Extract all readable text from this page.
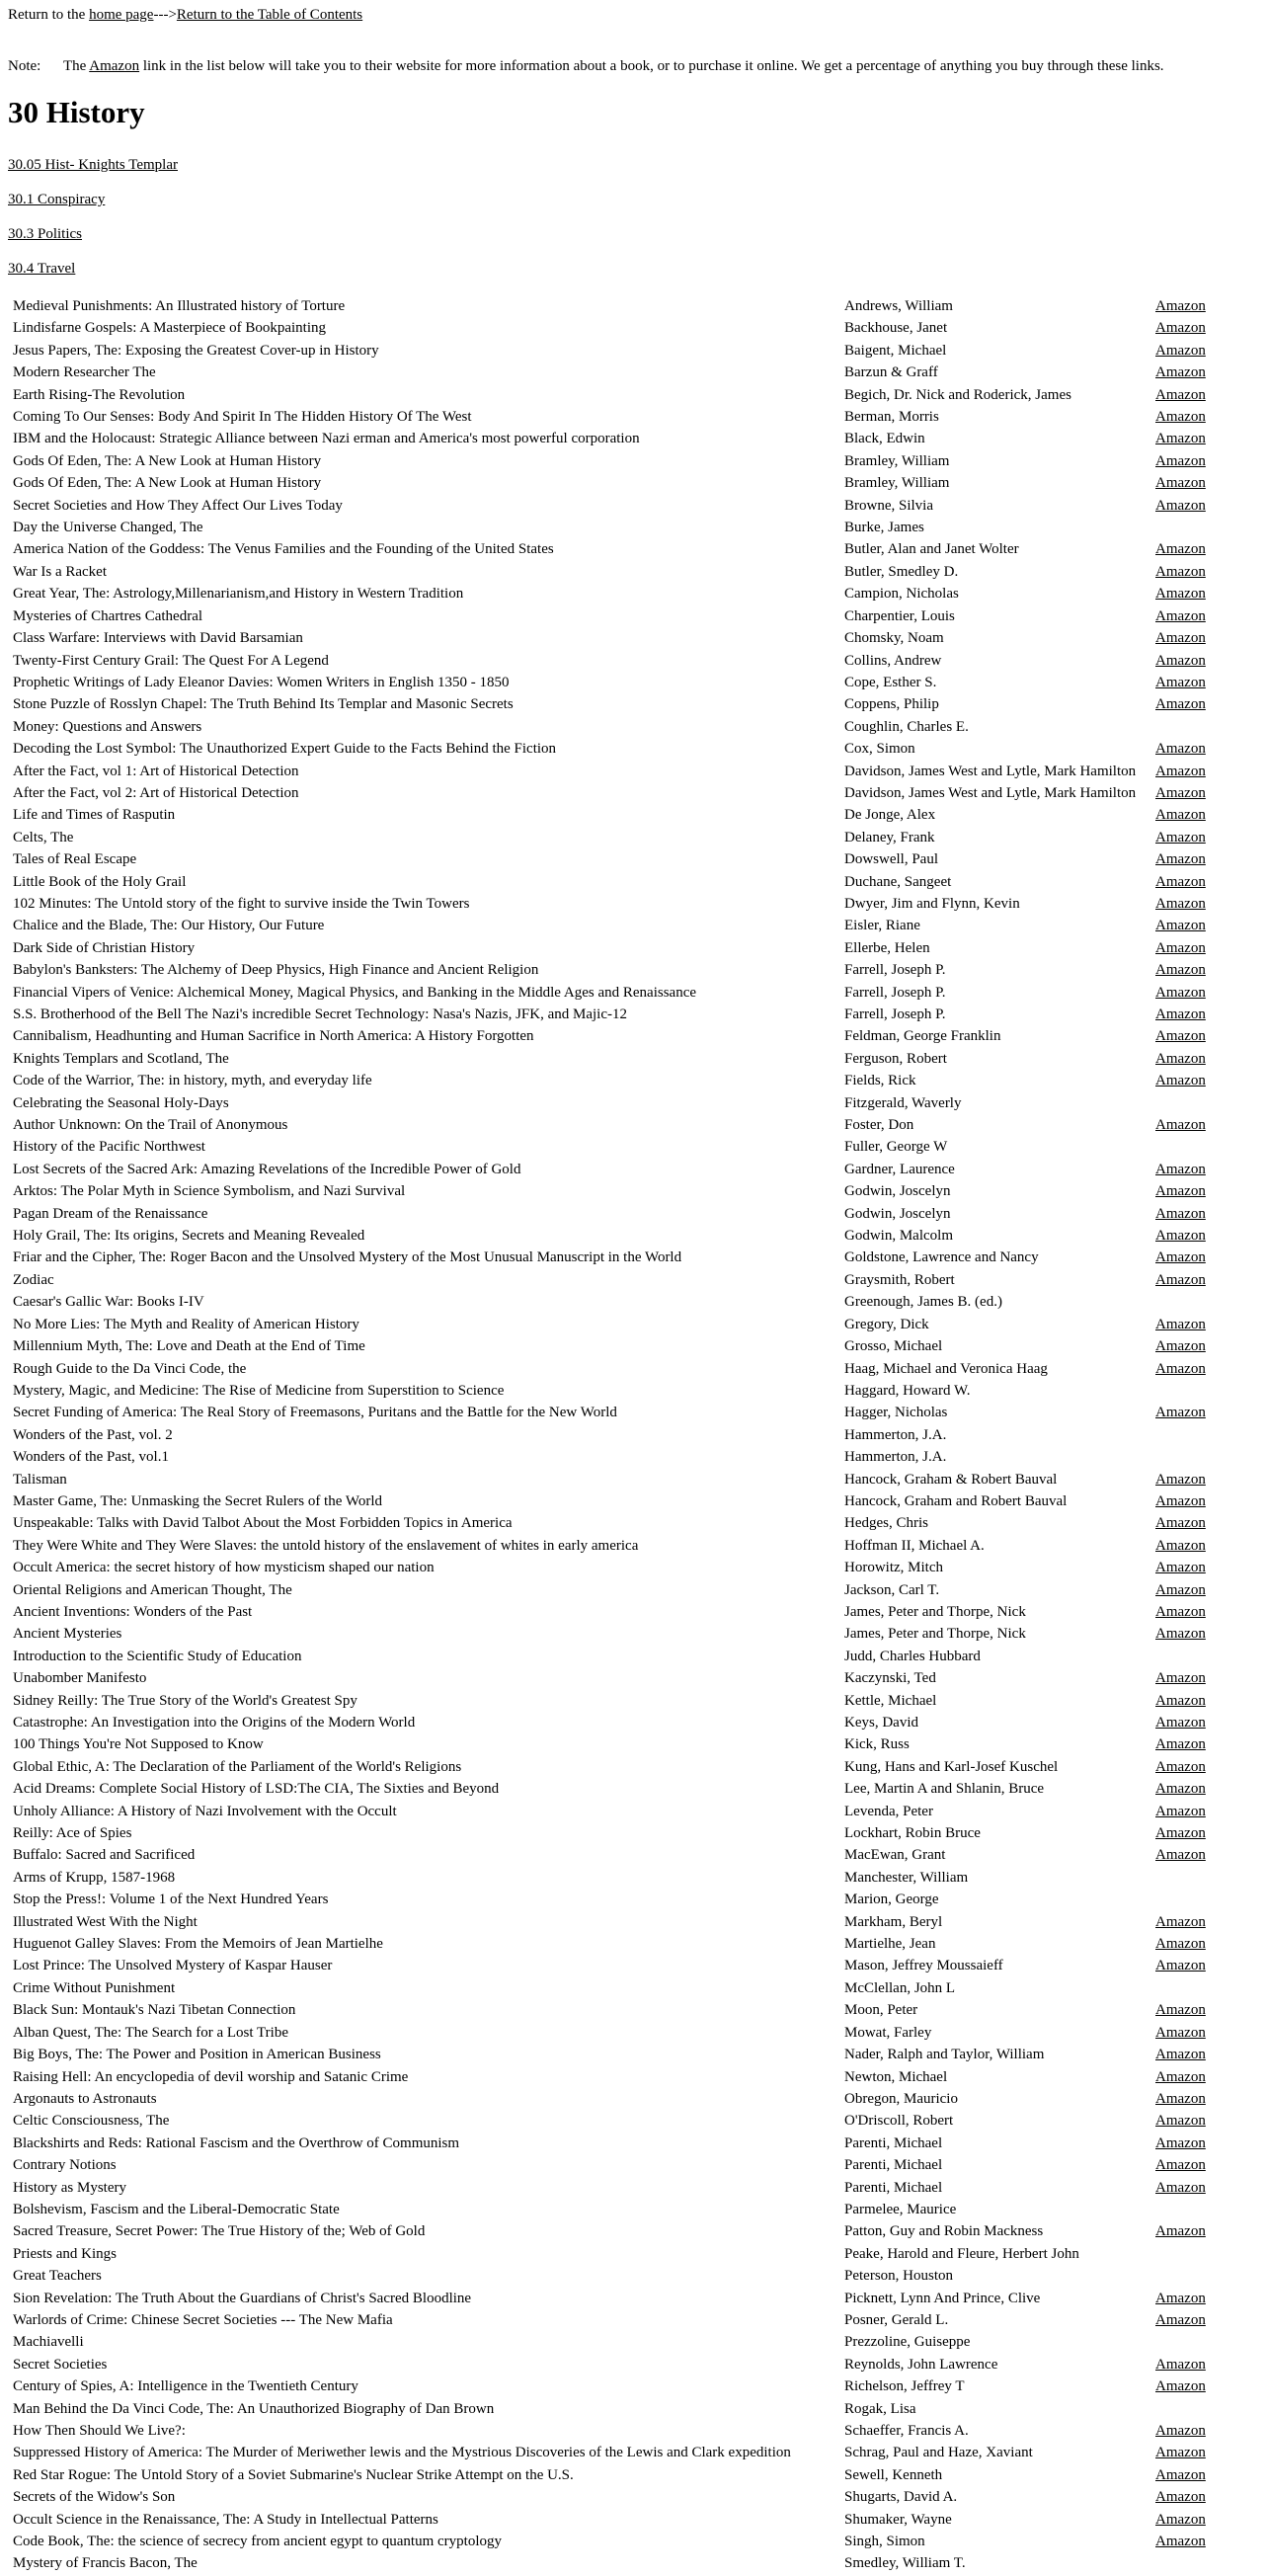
Return to the home page--->Return to the Table of Contents
Note: The Amazon link in the list below will take you to their website for more information about a book, or to purchase it online. We get a percentage of anything you buy through these links.
30 History

30.05 Hist- Knights Templar

30.1 Conspiracy

30.3 Politics

30.4 Travel

Medieval Punishments: An Illustrated history of Torture	Andrews, William	Amazon
Lindisfarne Gospels: A Masterpiece of Bookpainting	Backhouse, Janet	Amazon
Jesus Papers, The: Exposing the Greatest Cover-up in History	Baigent, Michael	Amazon
Modern Researcher The	Barzun & Graff	Amazon
Earth Rising-The Revolution	Begich, Dr. Nick and Roderick, James	Amazon
Coming To Our Senses: Body And Spirit In The Hidden History Of The West	Berman, Morris	Amazon
IBM and the Holocaust: Strategic Alliance between Nazi erman and America's most powerful corporation	Black, Edwin	Amazon
Gods Of Eden, The: A New Look at Human History	Bramley, William	Amazon
Gods Of Eden, The: A New Look at Human History	Bramley, William	Amazon
Secret Societies and How They Affect Our Lives Today	Browne, Silvia	Amazon
Day the Universe Changed, The	Burke, James	
America Nation of the Goddess: The Venus Families and the Founding of the United States	Butler, Alan and Janet Wolter	Amazon
War Is a Racket	Butler, Smedley D.	Amazon
Great Year, The: Astrology,Millenarianism,and History in Western Tradition	Campion, Nicholas	Amazon
Mysteries of Chartres Cathedral	Charpentier, Louis	Amazon
Class Warfare: Interviews with David Barsamian	Chomsky, Noam	Amazon
Twenty-First Century Grail: The Quest For A Legend	Collins, Andrew	Amazon
Prophetic Writings of Lady Eleanor Davies: Women Writers in English 1350 - 1850	Cope, Esther S.	Amazon
Stone Puzzle of Rosslyn Chapel: The Truth Behind Its Templar and Masonic Secrets	Coppens, Philip	Amazon
Money: Questions and Answers	Coughlin, Charles E.	
Decoding the Lost Symbol: The Unauthorized Expert Guide to the Facts Behind the Fiction	Cox, Simon	Amazon
After the Fact, vol 1: Art of Historical Detection	Davidson, James West and Lytle, Mark Hamilton	Amazon
After the Fact, vol 2: Art of Historical Detection	Davidson, James West and Lytle, Mark Hamilton	Amazon
Life and Times of Rasputin	De Jonge, Alex	Amazon
Celts, The	Delaney, Frank	Amazon
Tales of Real Escape	Dowswell, Paul	Amazon
Little Book of the Holy Grail	Duchane, Sangeet	Amazon
102 Minutes: The Untold story of the fight to survive inside the Twin Towers	Dwyer, Jim and Flynn, Kevin	Amazon
Chalice and the Blade, The: Our History, Our Future	Eisler, Riane	Amazon
Dark Side of Christian History	Ellerbe, Helen	Amazon
Babylon's Banksters: The Alchemy of Deep Physics, High Finance and Ancient Religion	Farrell, Joseph P.	Amazon
Financial Vipers of Venice: Alchemical Money, Magical Physics, and Banking in the Middle Ages and Renaissance	Farrell, Joseph P.	Amazon
S.S. Brotherhood of the Bell The Nazi's incredible Secret Technology: Nasa's Nazis, JFK, and Majic-12	Farrell, Joseph P.	Amazon
Cannibalism, Headhunting and Human Sacrifice in North America: A History Forgotten	Feldman, George Franklin	Amazon
Knights Templars and Scotland, The	Ferguson, Robert	Amazon
Code of the Warrior, The: in history, myth, and everyday life	Fields, Rick	Amazon
Celebrating the Seasonal Holy-Days	Fitzgerald, Waverly	
Author Unknown: On the Trail of Anonymous	Foster, Don	Amazon
History of the Pacific Northwest	Fuller, George W	
Lost Secrets of the Sacred Ark: Amazing Revelations of the Incredible Power of Gold	Gardner, Laurence	Amazon
Arktos: The Polar Myth in Science Symbolism, and Nazi Survival	Godwin, Joscelyn	Amazon
Pagan Dream of the Renaissance	Godwin, Joscelyn	Amazon
Holy Grail, The: Its origins, Secrets and Meaning Revealed	Godwin, Malcolm	Amazon
Friar and the Cipher, The: Roger Bacon and the Unsolved Mystery of the Most Unusual Manuscript in the World	Goldstone, Lawrence and Nancy	Amazon
Zodiac	Graysmith, Robert	Amazon
Caesar's Gallic War: Books I-IV	Greenough, James B. (ed.)	
No More Lies: The Myth and Reality of American History	Gregory, Dick	Amazon
Millennium Myth, The: Love and Death at the End of Time	Grosso, Michael	Amazon
Rough Guide to the Da Vinci Code, the	Haag, Michael and Veronica Haag	Amazon
Mystery, Magic, and Medicine: The Rise of Medicine from Superstition to Science	Haggard, Howard W.	
Secret Funding of America: The Real Story of Freemasons, Puritans and the Battle for the New World	Hagger, Nicholas	Amazon
Wonders of the Past, vol. 2	Hammerton, J.A.	
Wonders of the Past, vol.1	Hammerton, J.A.	
Talisman	Hancock, Graham & Robert Bauval	Amazon
Master Game, The: Unmasking the Secret Rulers of the World	Hancock, Graham and Robert Bauval	Amazon
Unspeakable: Talks with David Talbot About the Most Forbidden Topics in America	Hedges, Chris	Amazon
They Were White and They Were Slaves: the untold history of the enslavement of whites in early america	Hoffman II, Michael A.	Amazon
Occult America: the secret history of how mysticism shaped our nation	Horowitz, Mitch	Amazon
Oriental Religions and American Thought, The	Jackson, Carl T.	Amazon
Ancient Inventions: Wonders of the Past	James, Peter and Thorpe, Nick	Amazon
Ancient Mysteries	James, Peter and Thorpe, Nick	Amazon
Introduction to the Scientific Study of Education	Judd, Charles Hubbard	
Unabomber Manifesto	Kaczynski, Ted	Amazon
Sidney Reilly: The True Story of the World's Greatest Spy	Kettle, Michael	Amazon
Catastrophe: An Investigation into the Origins of the Modern World	Keys, David	Amazon
100 Things You're Not Supposed to Know	Kick, Russ	Amazon
Global Ethic, A: The Declaration of the Parliament of the World's Religions	Kung, Hans and Karl-Josef Kuschel	Amazon
Acid Dreams: Complete Social History of LSD:The CIA, The Sixties and Beyond	Lee, Martin A and Shlanin, Bruce	Amazon
Unholy Alliance: A History of Nazi Involvement with the Occult	Levenda, Peter	Amazon
Reilly: Ace of Spies	Lockhart, Robin Bruce	Amazon
Buffalo: Sacred and Sacrificed	MacEwan, Grant	Amazon
Arms of Krupp, 1587-1968	Manchester, William	
Stop the Press!: Volume 1 of the Next Hundred Years	Marion, George	
Illustrated West With the Night	Markham, Beryl	Amazon
Huguenot Galley Slaves: From the Memoirs of Jean Martielhe	Martielhe, Jean	Amazon
Lost Prince: The Unsolved Mystery of Kaspar Hauser	Mason, Jeffrey Moussaieff	Amazon
Crime Without Punishment	McClellan, John L	
Black Sun: Montauk's Nazi Tibetan Connection	Moon, Peter	Amazon
Alban Quest, The: The Search for a Lost Tribe	Mowat, Farley	Amazon
Big Boys, The: The Power and Position in American Business	Nader, Ralph and Taylor, William	Amazon
Raising Hell: An encyclopedia of devil worship and Satanic Crime	Newton, Michael	Amazon
Argonauts to Astronauts	Obregon, Mauricio	Amazon
Celtic Consciousness, The	O'Driscoll, Robert	Amazon
Blackshirts and Reds: Rational Fascism and the Overthrow of Communism	Parenti, Michael	Amazon
Contrary Notions	Parenti, Michael	Amazon
History as Mystery	Parenti, Michael	Amazon
Bolshevism, Fascism and the Liberal-Democratic State	Parmelee, Maurice	
Sacred Treasure, Secret Power: The True History of the; Web of Gold	Patton, Guy and Robin Mackness	Amazon
Priests and Kings	Peake, Harold and Fleure, Herbert John	
Great Teachers	Peterson, Houston	
Sion Revelation: The Truth About the Guardians of Christ's Sacred Bloodline	Picknett, Lynn And Prince, Clive	Amazon
Warlords of Crime: Chinese Secret Societies --- The New Mafia	Posner, Gerald L.	Amazon
Machiavelli	Prezzoline, Guiseppe	
Secret Societies	Reynolds, John Lawrence	Amazon
Century of Spies, A: Intelligence in the Twentieth Century	Richelson, Jeffrey T	Amazon
Man Behind the Da Vinci Code, The: An Unauthorized Biography of Dan Brown	Rogak, Lisa	
How Then Should We Live?:	Schaeffer, Francis A.	Amazon
Suppressed History of America: The Murder of Meriwether lewis and the Mystrious Discoveries of the Lewis and Clark expedition	Schrag, Paul and Haze, Xaviant	Amazon
Red Star Rogue: The Untold Story of a Soviet Submarine's Nuclear Strike Attempt on the U.S.	Sewell, Kenneth	Amazon
Secrets of the Widow's Son	Shugarts, David A.	Amazon
Occult Science in the Renaissance, The: A Study in Intellectual Patterns	Shumaker, Wayne	Amazon
Code Book, The: the science of secrecy from ancient egypt to quantum cryptology	Singh, Simon	Amazon
Mystery of Francis Bacon, The	Smedley, William T.	
